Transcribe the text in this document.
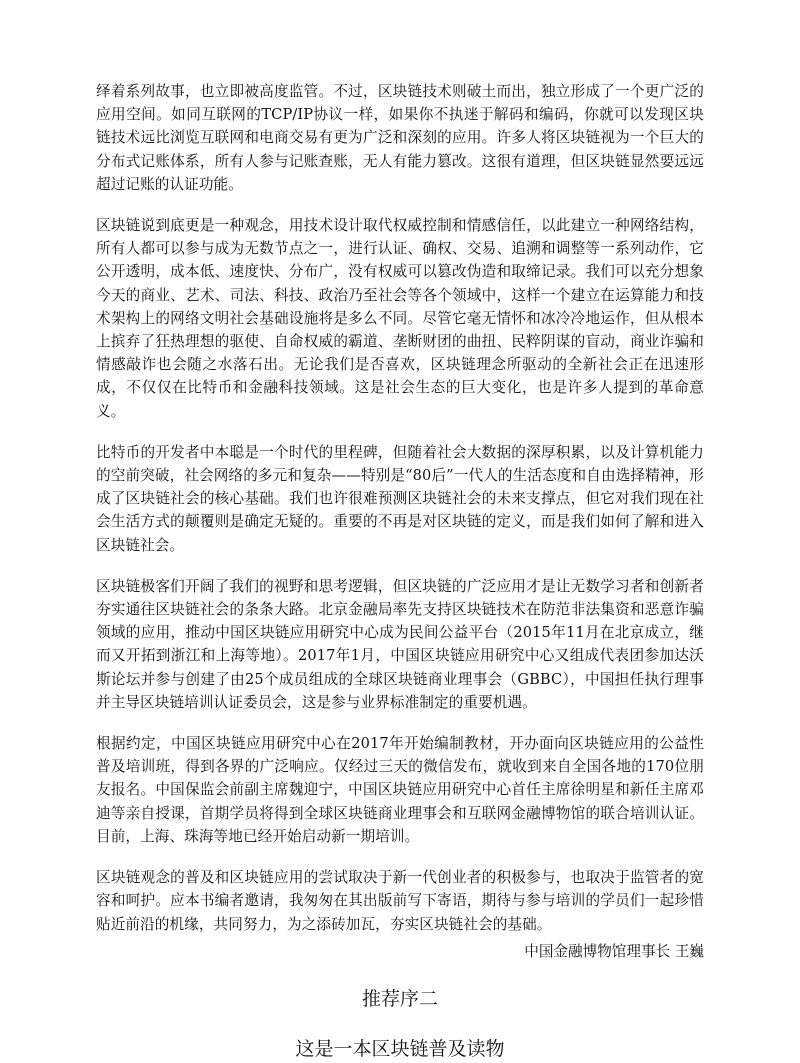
绎着系列故事，也立即被高度监管。不过，区块链技术则破土而出，独立形成了一个更广泛的应用空间。如同互联网的TCP/IP协议一样，如果你不执迷于解码和编码，你就可以发现区块链技术远比浏览互联网和电商交易有更为广泛和深刻的应用。许多人将区块链视为一个巨大的分布式记账体系，所有人参与记账查账，无人有能力篡改。这很有道理，但区块链显然要远远超过记账的认证功能。

区块链说到底更是一种观念，用技术设计取代权威控制和情感信任，以此建立一种网络结构，所有人都可以参与成为无数节点之一，进行认证、确权、交易、追溯和调整等一系列动作，它公开透明，成本低、速度快、分布广，没有权威可以篡改伪造和取缔记录。我们可以充分想象今天的商业、艺术、司法、科技、政治乃至社会等各个领域中，这样一个建立在运算能力和技术架构上的网络文明社会基础设施将是多么不同。尽管它毫无情怀和冰冷冷地运作，但从根本上摈弃了狂热理想的驱使、自命权威的霸道、垄断财团的曲扭、民粹阴谋的盲动，商业诈骗和情感敲诈也会随之水落石出。无论我们是否喜欢，区块链理念所驱动的全新社会正在迅速形成，不仅仅在比特币和金融科技领域。这是社会生态的巨大变化，也是许多人提到的革命意义。

比特币的开发者中本聪是一个时代的里程碑，但随着社会大数据的深厚积累，以及计算机能力的空前突破，社会网络的多元和复杂——特别是“80后”一代人的生活态度和自由选择精神，形成了区块链社会的核心基础。我们也许很难预测区块链社会的未来支撑点，但它对我们现在社会生活方式的颠覆则是确定无疑的。重要的不再是对区块链的定义，而是我们如何了解和进入区块链社会。

区块链极客们开阔了我们的视野和思考逻辑，但区块链的广泛应用才是让无数学习者和创新者夯实通往区块链社会的条条大路。北京金融局率先支持区块链技术在防范非法集资和恶意诈骗领域的应用，推动中国区块链应用研究中心成为民间公益平台（2015年11月在北京成立，继而又开拓到浙江和上海等地）。2017年1月，中国区块链应用研究中心又组成代表团参加达沃斯论坛并参与创建了由25个成员组成的全球区块链商业理事会（GBBC），中国担任执行理事并主导区块链培训认证委员会，这是参与业界标准制定的重要机遇。

根据约定，中国区块链应用研究中心在2017年开始编制教材，开办面向区块链应用的公益性普及培训班，得到各界的广泛响应。仅经过三天的微信发布，就收到来自全国各地的170位朋友报名。中国保监会前副主席魏迎宁，中国区块链应用研究中心首任主席徐明星和新任主席邓迪等亲自授课，首期学员将得到全球区块链商业理事会和互联网金融博物馆的联合培训认证。目前，上海、珠海等地已经开始启动新一期培训。

区块链观念的普及和区块链应用的尝试取决于新一代创业者的积极参与，也取决于监管者的宽容和呵护。应本书编者邀请，我匆匆在其出版前写下寄语，期待与参与培训的学员们一起珍惜贴近前沿的机缘，共同努力，为之添砖加瓦，夯实区块链社会的基础。

中国金融博物馆理事长 王巍

推荐序二
这是一本区块链普及读物
